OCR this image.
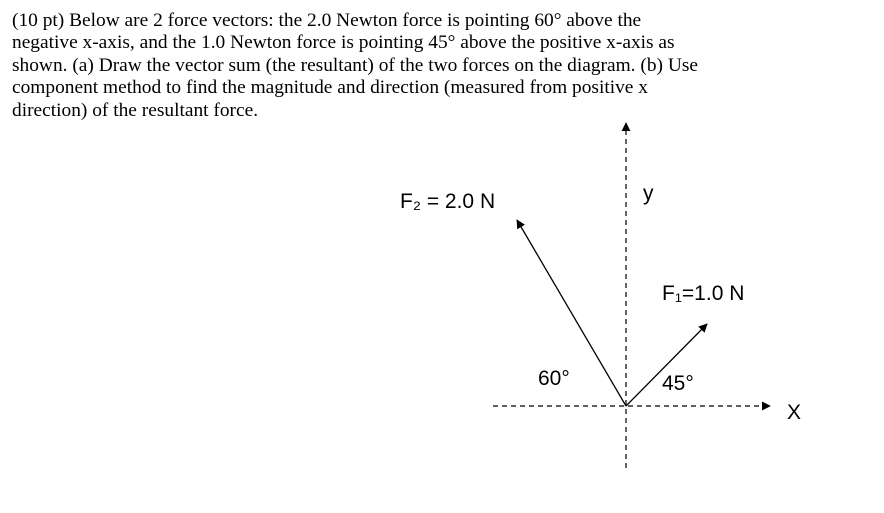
(10 pt) Below are 2 force vectors: the 2.0 Newton force is pointing 60° above the
negative x-axis, and the 1.0 Newton force is pointing 45° above the positive x-axis as
shown. (a) Draw the vector sum (the resultant) of the two forces on the diagram. (b) Use
component method to find the magnitude and direction (measured from positive x
direction) of the resultant force.
y
X
F₂ = 2.0 N
F₁=1.0 N
60°	45°
